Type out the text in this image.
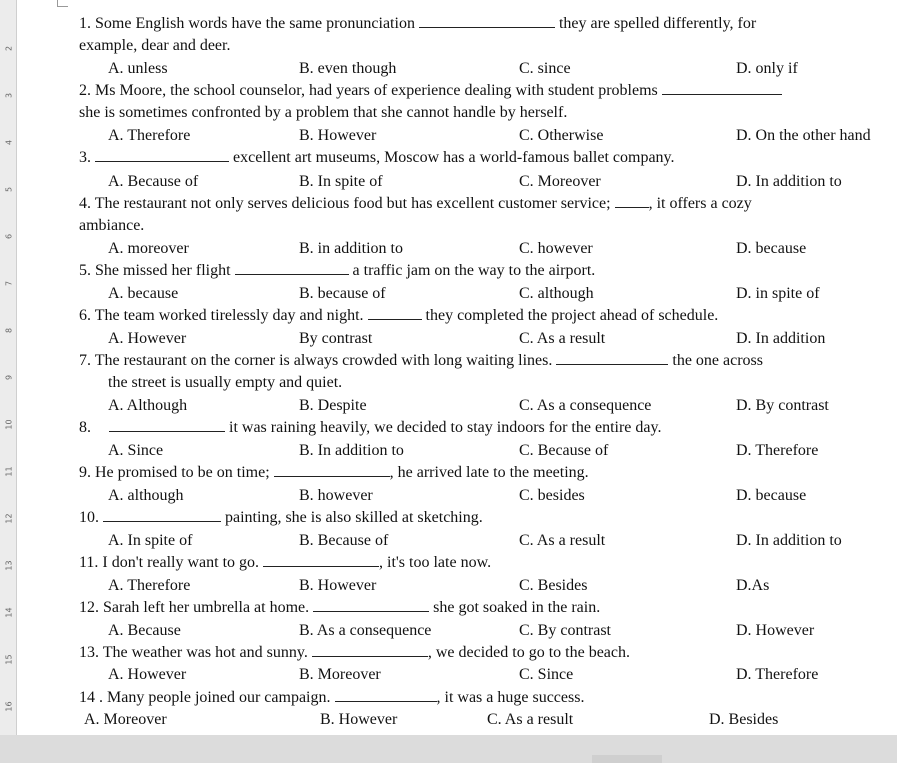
2
3
4
5
6
7
8
9
10
11
12
13
14
15
16
1. Some English words have the same pronunciation	they are spelled differently, for
example, dear and deer.
A. unless	B. even though	C. since	D. only if
2. Ms Moore, the school counselor, had years of experience dealing with student problems
she is sometimes confronted by a problem that she cannot handle by herself.
A. Therefore	B. However	C. Otherwise	D. On the other hand
3.	excellent art museums, Moscow has a world-famous ballet company.
A. Because of	B. In spite of	C. Moreover	D. In addition to
4. The restaurant not only serves delicious food but has excellent customer service; , it offers a cozy
ambiance.
A. moreover	B. in addition to	C. however	D. because
5. She missed her flight	a traffic jam on the way to the airport.
A. because	B. because of	C. although	D. in spite of
6. The team worked tirelessly day and night.	they completed the project ahead of schedule.
A. However	By contrast	C. As a result	D. In addition
7. The restaurant on the corner is always crowded with long waiting lines.	the one across
the street is usually empty and quiet.
A. Although	B. Despite	C. As a consequence	D. By contrast
8.	it was raining heavily, we decided to stay indoors for the entire day.
A. Since	B. In addition to	C. Because of	D. Therefore
9. He promised to be on time;	, he arrived late to the meeting.
A. although	B. however	C. besides	D. because
10.	painting, she is also skilled at sketching.
A. In spite of	B. Because of	C. As a result	D. In addition to
11. I don't really want to go.	, it's too late now.
A. Therefore	B. However	C. Besides	D.As
12. Sarah left her umbrella at home.	she got soaked in the rain.
A. Because	B. As a consequence	C. By contrast	D. However
13. The weather was hot and sunny.	, we decided to go to the beach.
A. However	B. Moreover	C. Since	D. Therefore
14 . Many people joined our campaign.	, it was a huge success.
A. Moreover	B. However	C. As a result	D. Besides
